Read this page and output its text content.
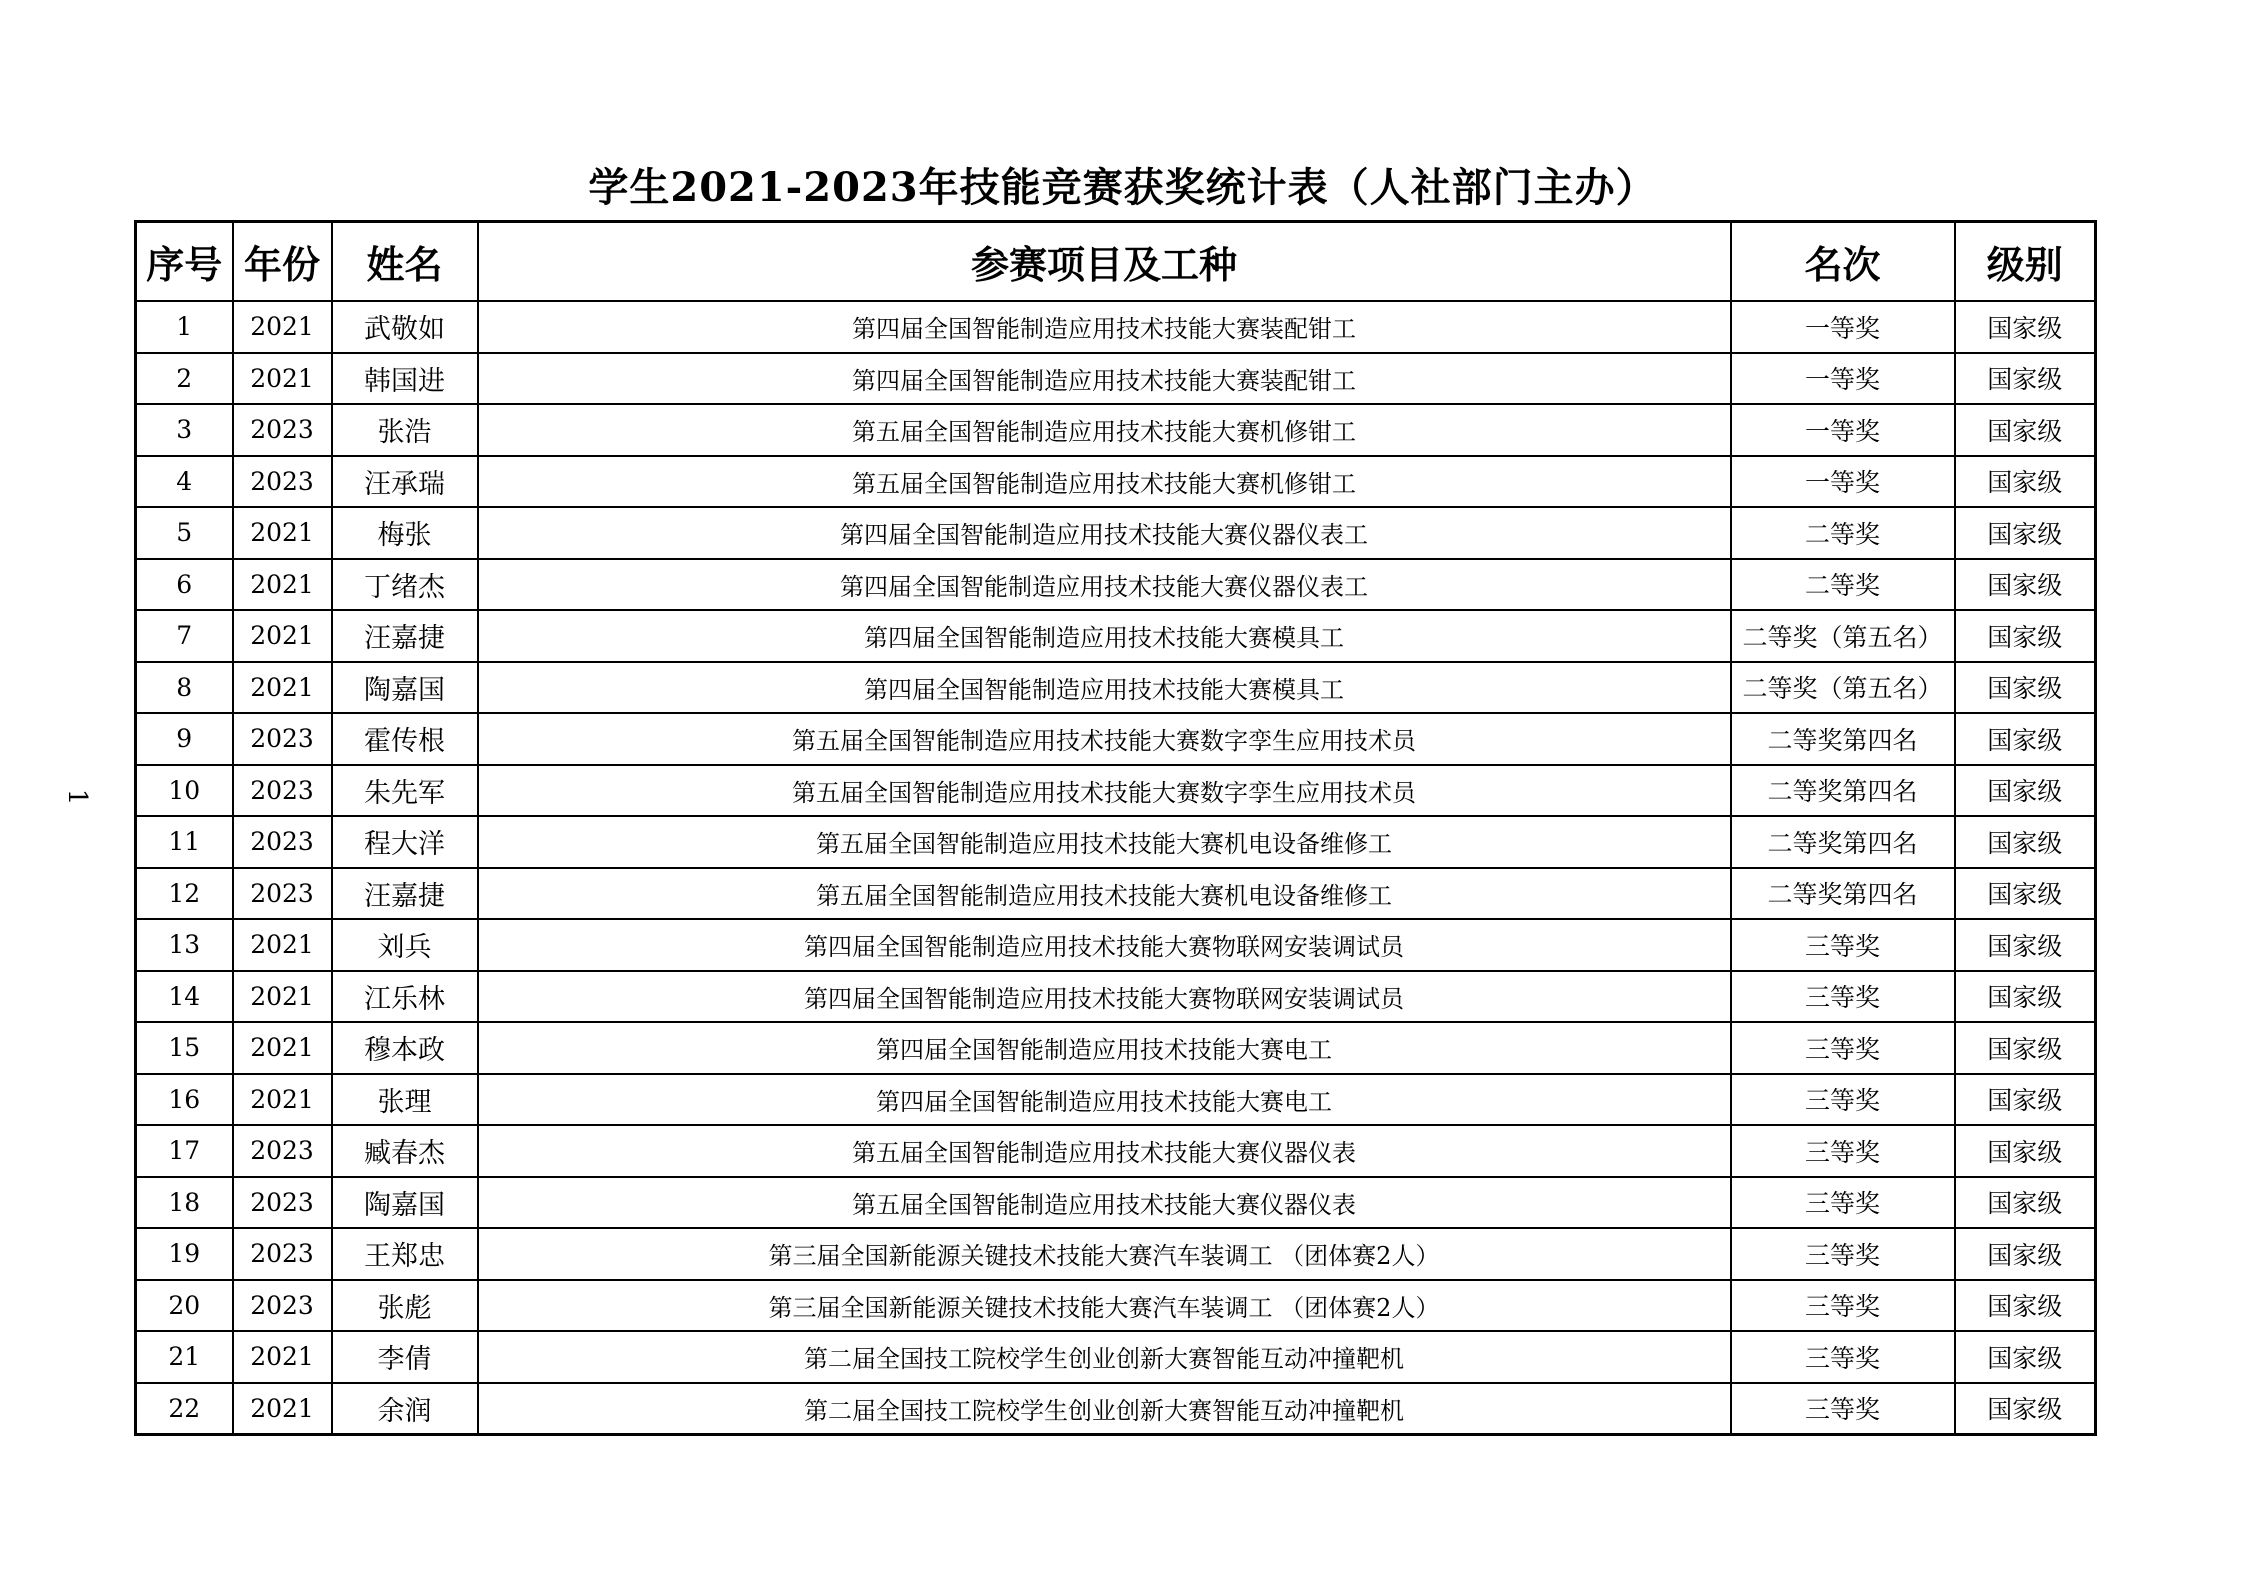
学生2021-2023年技能竞赛获奖统计表（人社部门主办）
1
序号	年份	姓名	参赛项目及工种	名次	级别
1	2021	武敬如	第四届全国智能制造应用技术技能大赛装配钳工	一等奖	国家级
2	2021	韩国进	第四届全国智能制造应用技术技能大赛装配钳工	一等奖	国家级
3	2023	张浩	第五届全国智能制造应用技术技能大赛机修钳工	一等奖	国家级
4	2023	汪承瑞	第五届全国智能制造应用技术技能大赛机修钳工	一等奖	国家级
5	2021	梅张	第四届全国智能制造应用技术技能大赛仪器仪表工	二等奖	国家级
6	2021	丁绪杰	第四届全国智能制造应用技术技能大赛仪器仪表工	二等奖	国家级
7	2021	汪嘉捷	第四届全国智能制造应用技术技能大赛模具工	二等奖（第五名）	国家级
8	2021	陶嘉国	第四届全国智能制造应用技术技能大赛模具工	二等奖（第五名）	国家级
9	2023	霍传根	第五届全国智能制造应用技术技能大赛数字孪生应用技术员	二等奖第四名	国家级
10	2023	朱先军	第五届全国智能制造应用技术技能大赛数字孪生应用技术员	二等奖第四名	国家级
11	2023	程大洋	第五届全国智能制造应用技术技能大赛机电设备维修工	二等奖第四名	国家级
12	2023	汪嘉捷	第五届全国智能制造应用技术技能大赛机电设备维修工	二等奖第四名	国家级
13	2021	刘兵	第四届全国智能制造应用技术技能大赛物联网安装调试员	三等奖	国家级
14	2021	江乐林	第四届全国智能制造应用技术技能大赛物联网安装调试员	三等奖	国家级
15	2021	穆本政	第四届全国智能制造应用技术技能大赛电工	三等奖	国家级
16	2021	张理	第四届全国智能制造应用技术技能大赛电工	三等奖	国家级
17	2023	臧春杰	第五届全国智能制造应用技术技能大赛仪器仪表	三等奖	国家级
18	2023	陶嘉国	第五届全国智能制造应用技术技能大赛仪器仪表	三等奖	国家级
19	2023	王郑忠	第三届全国新能源关键技术技能大赛汽车装调工 （团体赛2人）	三等奖	国家级
20	2023	张彪	第三届全国新能源关键技术技能大赛汽车装调工 （团体赛2人）	三等奖	国家级
21	2021	李倩	第二届全国技工院校学生创业创新大赛智能互动冲撞靶机	三等奖	国家级
22	2021	余润	第二届全国技工院校学生创业创新大赛智能互动冲撞靶机	三等奖	国家级
